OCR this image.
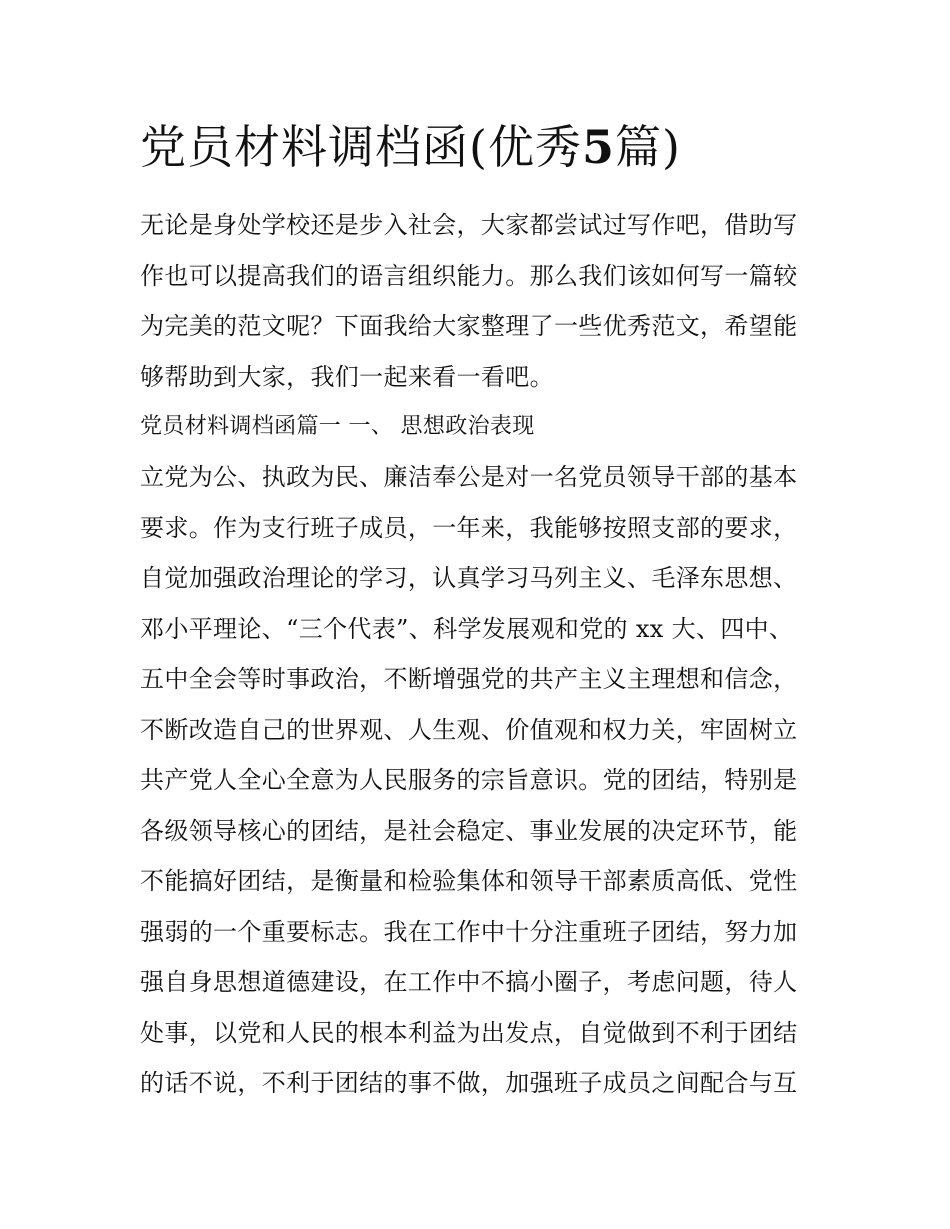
党员材料调档函(优秀5篇)
无论是身处学校还是步入社会，大家都尝试过写作吧，借助写
作也可以提高我们的语言组织能力。那么我们该如何写一篇较
为完美的范文呢？下面我给大家整理了一些优秀范文，希望能
够帮助到大家，我们一起来看一看吧。
党员材料调档函篇一 一、 思想政治表现
立党为公、执政为民、廉洁奉公是对一名党员领导干部的基本
要求。作为支行班子成员，一年来，我能够按照支部的要求，
自觉加强政治理论的学习，认真学习马列主义、毛泽东思想、
邓小平理论、“三个代表”、科学发展观和党的 xx 大、四中、
五中全会等时事政治，不断增强党的共产主义主理想和信念，
不断改造自己的世界观、人生观、价值观和权力关，牢固树立
共产党人全心全意为人民服务的宗旨意识。党的团结，特别是
各级领导核心的团结，是社会稳定、事业发展的决定环节，能
不能搞好团结，是衡量和检验集体和领导干部素质高低、党性
强弱的一个重要标志。我在工作中十分注重班子团结，努力加
强自身思想道德建设，在工作中不搞小圈子，考虑问题，待人
处事，以党和人民的根本利益为出发点，自觉做到不利于团结
的话不说，不利于团结的事不做，加强班子成员之间配合与互
